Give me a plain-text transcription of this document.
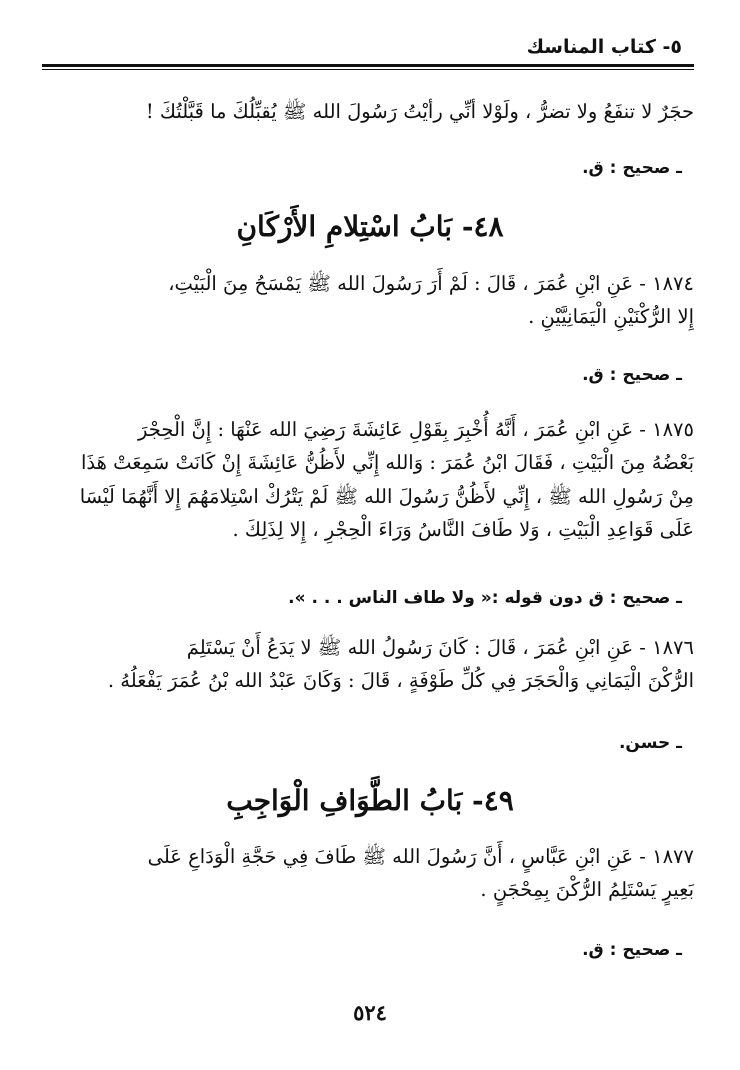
٥- كتاب المناسك
حجَرٌ لا تنفَعُ ولا تضرُّ ، ولَوْلا أنِّي رأيْتُ رَسُولَ الله ﷺ يُقبِّلُكَ ما قَبَّلْتُكَ !
ـ صحيح : ق.
٤٨- بَابُ اسْتِلامِ الأَرْكَانِ
١٨٧٤ - عَنِ ابْنِ عُمَرَ ، قَالَ : لَمْ أَرَ رَسُولَ الله ﷺ يَمْسَحُ مِنَ الْبَيْتِ،
إِلا الرُّكْنَيْنِ الْيَمَانِيَّيْنِ .
ـ صحيح : ق.
١٨٧٥ - عَنِ ابْنِ عُمَرَ ، أَنَّهُ أُخْبِرَ بِقَوْلِ عَائِشَةَ رَضِيَ الله عَنْهَا : إِنَّ الْحِجْرَ
بَعْضُهُ مِنَ الْبَيْتِ ، فَقَالَ ابْنُ عُمَرَ : وَالله إِنِّي لأَظُنُّ عَائِشَةَ إِنْ كَانَتْ سَمِعَتْ هَذَا
مِنْ رَسُولِ الله ﷺ ، إِنِّي لأَظُنُّ رَسُولَ الله ﷺ لَمْ يَتْرُكْ اسْتِلامَهُمَ إِلا أَنَّهُمَا لَيْسَا
عَلَى قَوَاعِدِ الْبَيْتِ ، وَلا طَافَ النَّاسُ وَرَاءَ الْحِجْرِ ، إِلا لِذَلِكَ .
ـ صحيح : ق دون قوله :« ولا طاف الناس . . . ».
١٨٧٦ - عَنِ ابْنِ عُمَرَ ، قَالَ : كَانَ رَسُولُ الله ﷺ لا يَدَعُ أَنْ يَسْتَلِمَ
الرُّكْنَ الْيَمَانِي وَالْحَجَرَ فِي كُلِّ طَوْفَةٍ ، قَالَ : وَكَانَ عَبْدُ الله بْنُ عُمَرَ يَفْعَلُهُ .
ـ حسن.
٤٩- بَابُ الطَّوَافِ الْوَاجِبِ
١٨٧٧ - عَنِ ابْنِ عَبَّاسٍ ، أَنَّ رَسُولَ الله ﷺ طَافَ فِي حَجَّةِ الْوَدَاعِ عَلَى
بَعِيرٍ يَسْتَلِمُ الرُّكْنَ بِمِحْجَنٍ .
ـ صحيح : ق.
٥٢٤
